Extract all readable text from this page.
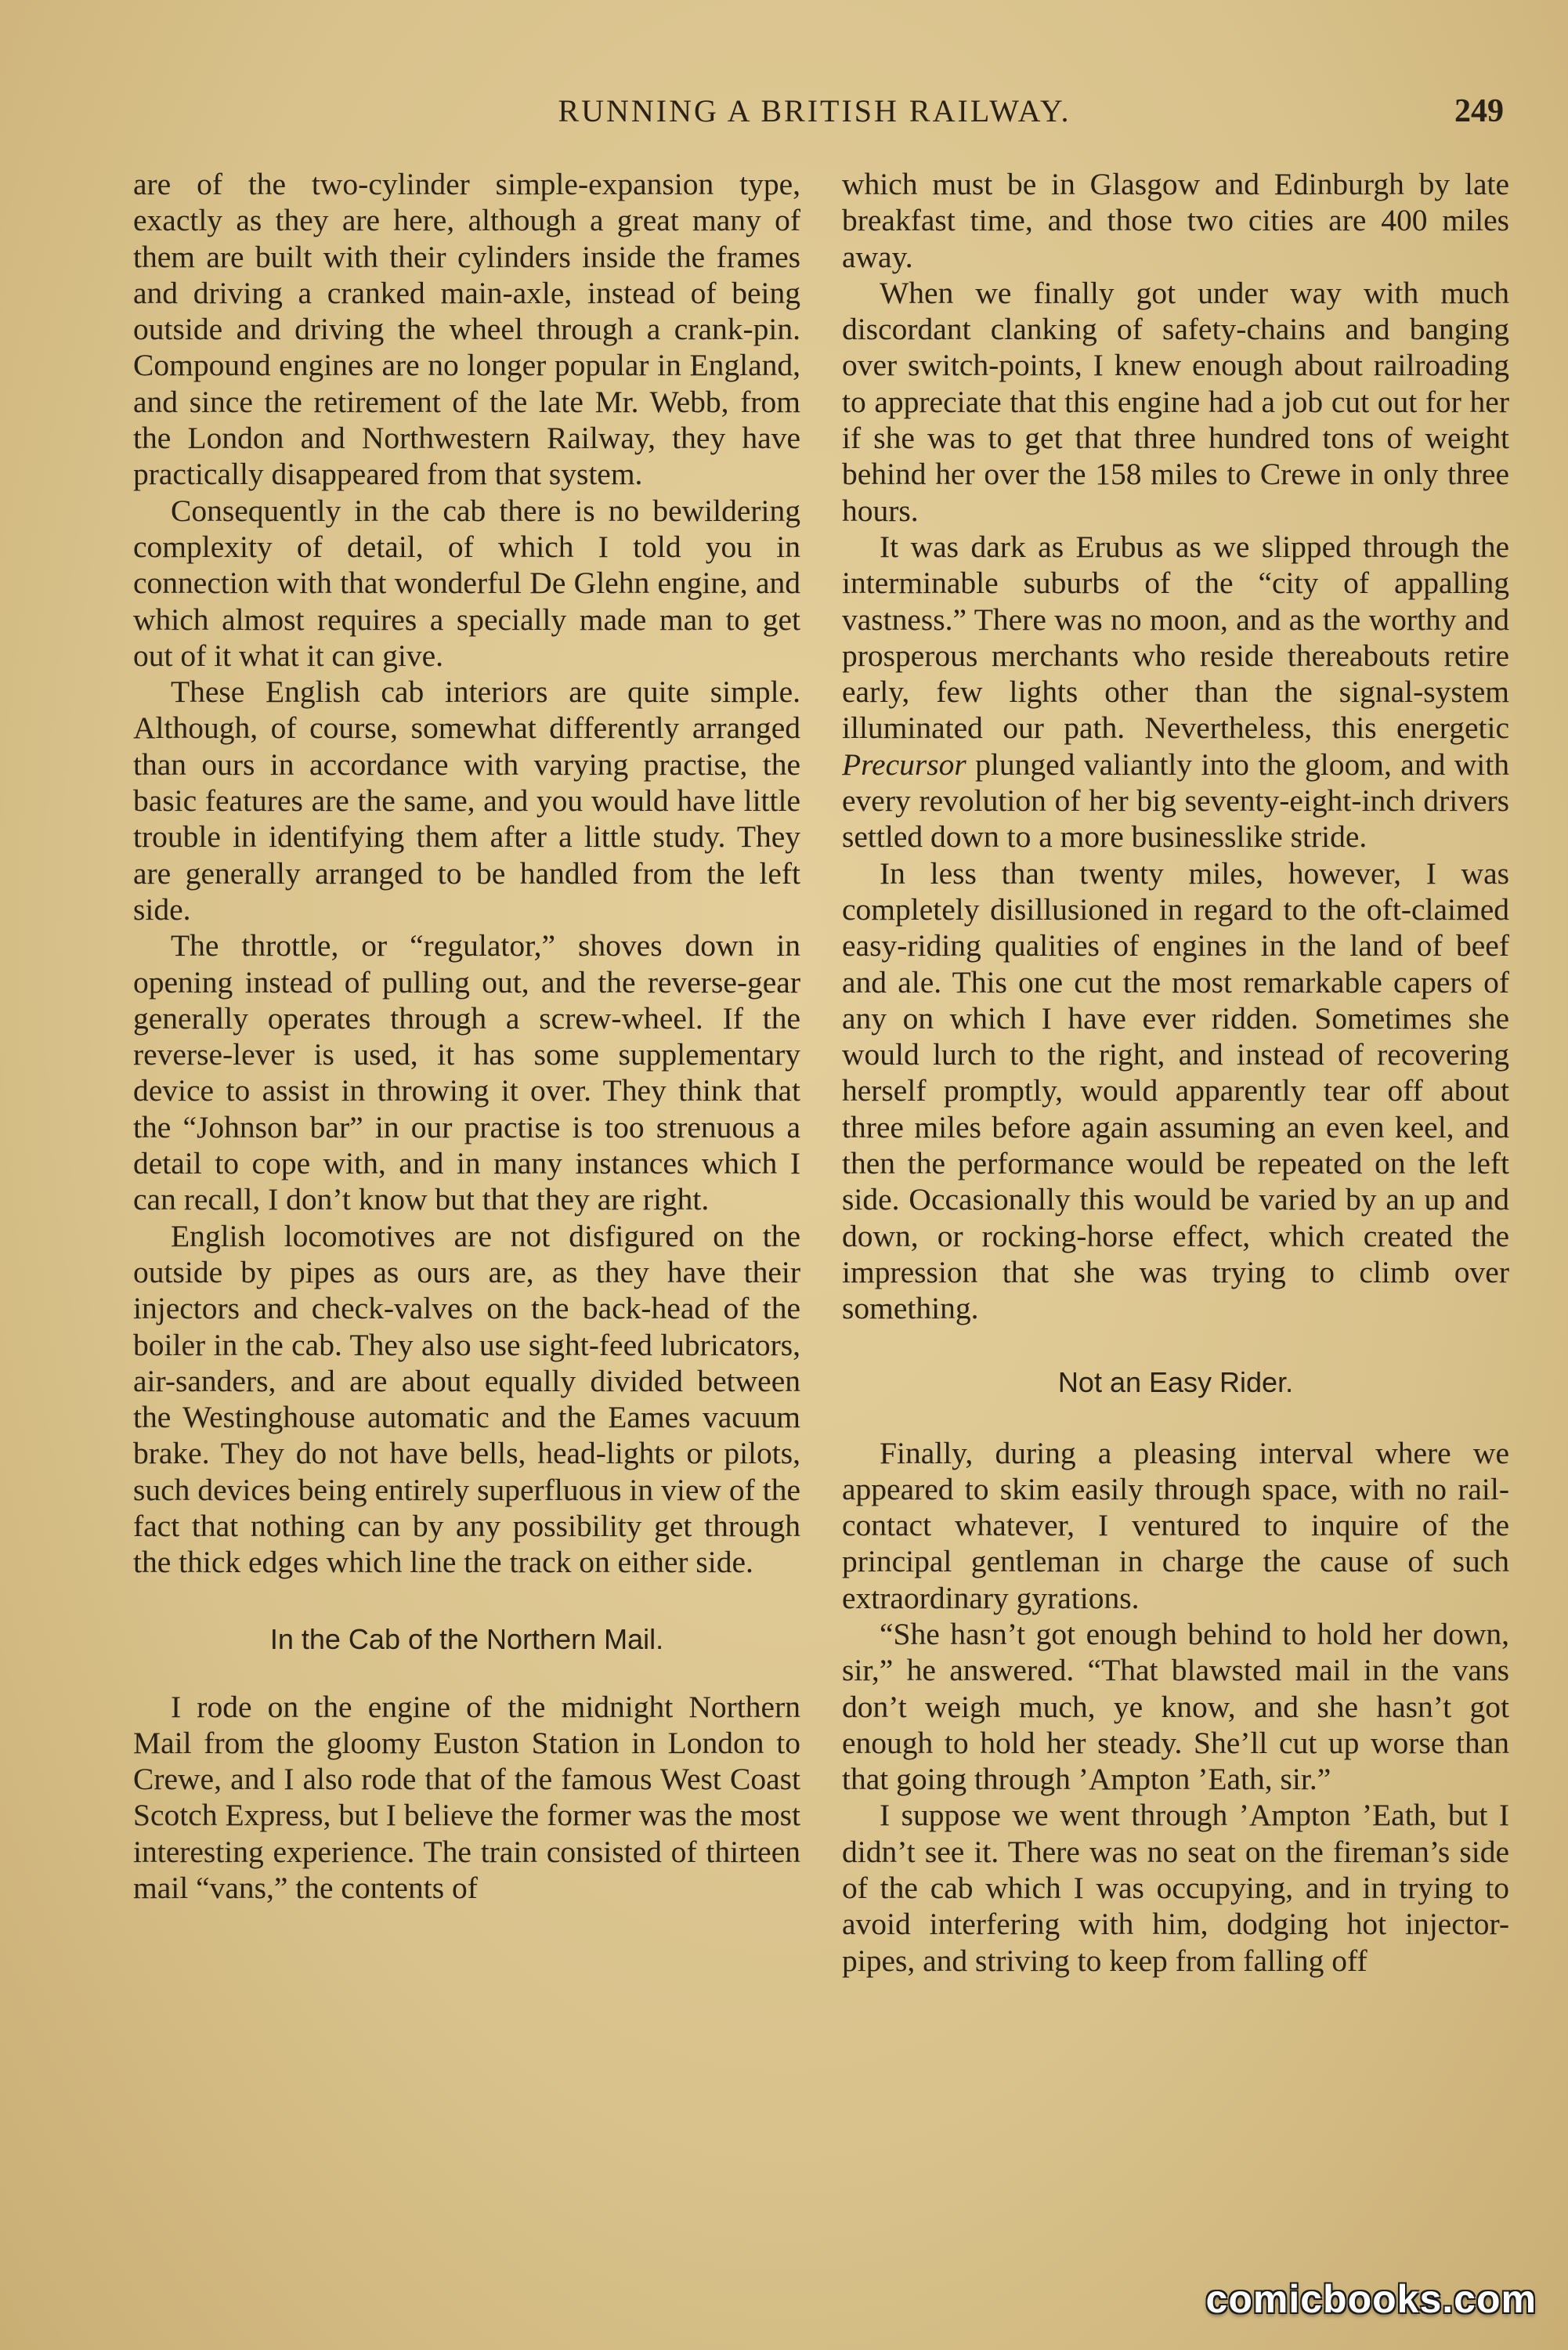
RUNNING A BRITISH RAILWAY.	249

are of the two-cylinder simple-expansion type, exactly as they are here, although a great many of them are built with their cylinders inside the frames and driving a cranked main-axle, instead of being outside and driving the wheel through a crank-pin. Compound engines are no longer popular in England, and since the retirement of the late Mr. Webb, from the London and Northwestern Railway, they have practically disappeared from that system.

Consequently in the cab there is no bewildering complexity of detail, of which I told you in connection with that wonderful De Glehn engine, and which almost requires a specially made man to get out of it what it can give.

These English cab interiors are quite simple. Although, of course, somewhat differently arranged than ours in accordance with varying practise, the basic features are the same, and you would have little trouble in identifying them after a little study. They are generally arranged to be handled from the left side.

The throttle, or “regulator,” shoves down in opening instead of pulling out, and the reverse-gear generally operates through a screw-wheel. If the reverse-lever is used, it has some supplementary device to assist in throwing it over. They think that the “Johnson bar” in our practise is too strenuous a detail to cope with, and in many instances which I can recall, I don’t know but that they are right.

English locomotives are not disfigured on the outside by pipes as ours are, as they have their injectors and check-valves on the back-head of the boiler in the cab. They also use sight-feed lubricators, air-sanders, and are about equally divided between the Westinghouse automatic and the Eames vacuum brake. They do not have bells, head-lights or pilots, such devices being entirely superfluous in view of the fact that nothing can by any possibility get through the thick edges which line the track on either side.

In the Cab of the Northern Mail.

I rode on the engine of the midnight Northern Mail from the gloomy Euston Station in London to Crewe, and I also rode that of the famous West Coast Scotch Express, but I believe the former was the most interesting experience. The train consisted of thirteen mail “vans,” the contents of

which must be in Glasgow and Edinburgh by late breakfast time, and those two cities are 400 miles away.

When we finally got under way with much discordant clanking of safety-chains and banging over switch-points, I knew enough about railroading to appreciate that this engine had a job cut out for her if she was to get that three hundred tons of weight behind her over the 158 miles to Crewe in only three hours.

It was dark as Erubus as we slipped through the interminable suburbs of the “city of appalling vastness.” There was no moon, and as the worthy and prosperous merchants who reside thereabouts retire early, few lights other than the signal-system illuminated our path. Nevertheless, this energetic Precursor plunged valiantly into the gloom, and with every revolution of her big seventy-eight-inch drivers settled down to a more businesslike stride.

In less than twenty miles, however, I was completely disillusioned in regard to the oft-claimed easy-riding qualities of engines in the land of beef and ale. This one cut the most remarkable capers of any on which I have ever ridden. Sometimes she would lurch to the right, and instead of recovering herself promptly, would apparently tear off about three miles before again assuming an even keel, and then the performance would be repeated on the left side. Occasionally this would be varied by an up and down, or rocking-horse effect, which created the impression that she was trying to climb over something.

Not an Easy Rider.

Finally, during a pleasing interval where we appeared to skim easily through space, with no rail-contact whatever, I ventured to inquire of the principal gentleman in charge the cause of such extraordinary gyrations.

“She hasn’t got enough behind to hold her down, sir,” he answered. “That blawsted mail in the vans don’t weigh much, ye know, and she hasn’t got enough to hold her steady. She’ll cut up worse than that going through ’Ampton ’Eath, sir.”

I suppose we went through ’Ampton ’Eath, but I didn’t see it. There was no seat on the fireman’s side of the cab which I was occupying, and in trying to avoid interfering with him, dodging hot injector-pipes, and striving to keep from falling off

comicbooks.com
